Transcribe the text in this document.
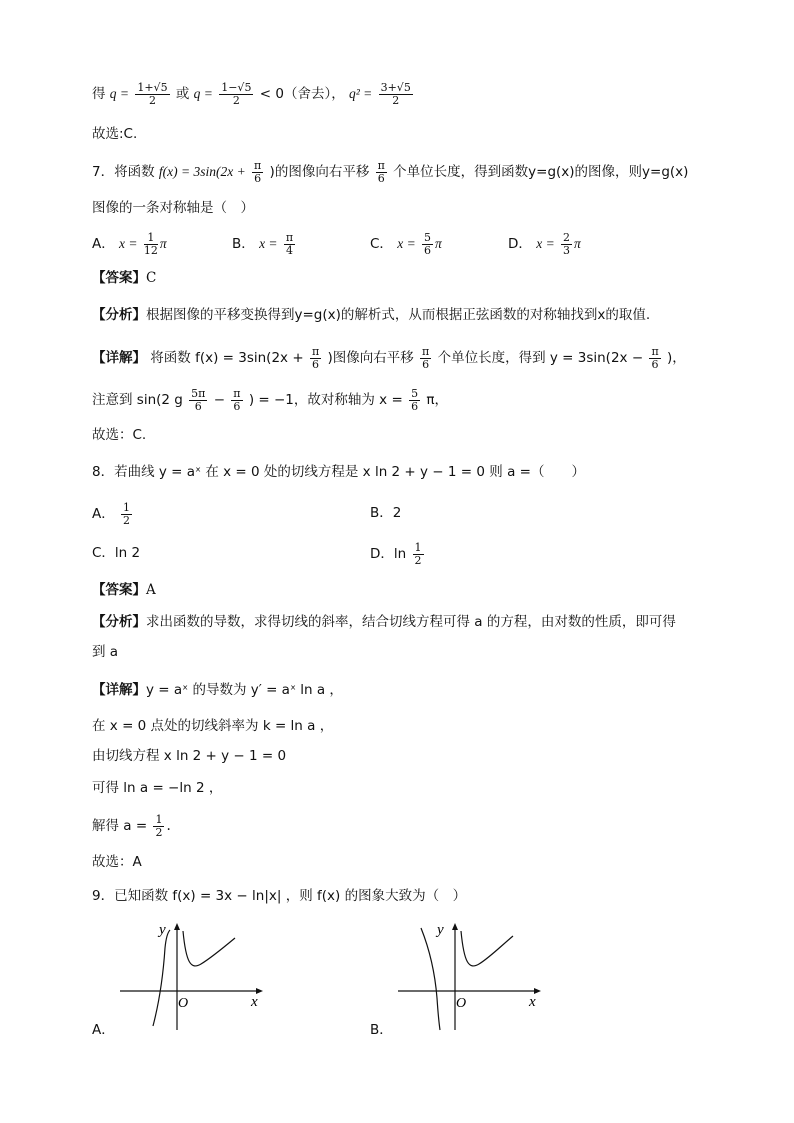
得 $q = \frac{1+√5}{2}$ 或 $q = \frac{1-√5}{2} < 0$（舍去）， $q^2 = \frac{3+√5}{2}$
故选:C.
7．将函数 $f(x) = 3\sin(2x + \frac{\pi}{6}$ )的图像向右平移 $\frac{\pi}{6}$ 个单位长度，得到函数y=g(x)的图像，则y=g(x)
图像的一条对称轴是（　）
A． $x = \frac{1}{12}$ π	B． $x = \frac{\pi}{4}$	C． $x = \frac{5}{6}$ π	D． $x = \frac{2}{3}$ π
【答案】C
【分析】根据图像的平移变换得到y=g(x)的解析式，从而根据正弦函数的对称轴找到x的取值.
【详解】 将函数 $f(x) = 3\sin(2x + \frac{\pi}{6}$ )图像向右平移 $\frac{\pi}{6}$ 个单位长度，得到 $y = 3\sin(2x - \frac{\pi}{6}$ )，
注意到 sin(2 g $\frac{5\pi}{6} - \frac{\pi}{6}$ ) = −1，故对称轴为 $x = \frac{5}{6}$ π，
故选：C.
8．若曲线 y = aˣ 在 x = 0 处的切线方程是 x ln 2 + y − 1 = 0 则 a =（　　）
A． $\frac{1}{2}$	B．2
C．ln 2	D．$\ln \frac{1}{2}$
【答案】A
【分析】求出函数的导数，求得切线的斜率，结合切线方程可得 a 的方程，由对数的性质，即可得
到 a
【详解】y = aˣ 的导数为 y′ = aˣ ln a ，
在 x = 0 点处的切线斜率为 k = ln a ，
由切线方程 x ln 2 + y − 1 = 0
可得 ln a = −ln 2 ，
解得 $a = \frac{1}{2}$ .
故选：A
9．已知函数 f(x) = 3x − ln|x| ，则 f(x) 的图象大致为（　）
y
x
O
A．
y
x
O
B．
